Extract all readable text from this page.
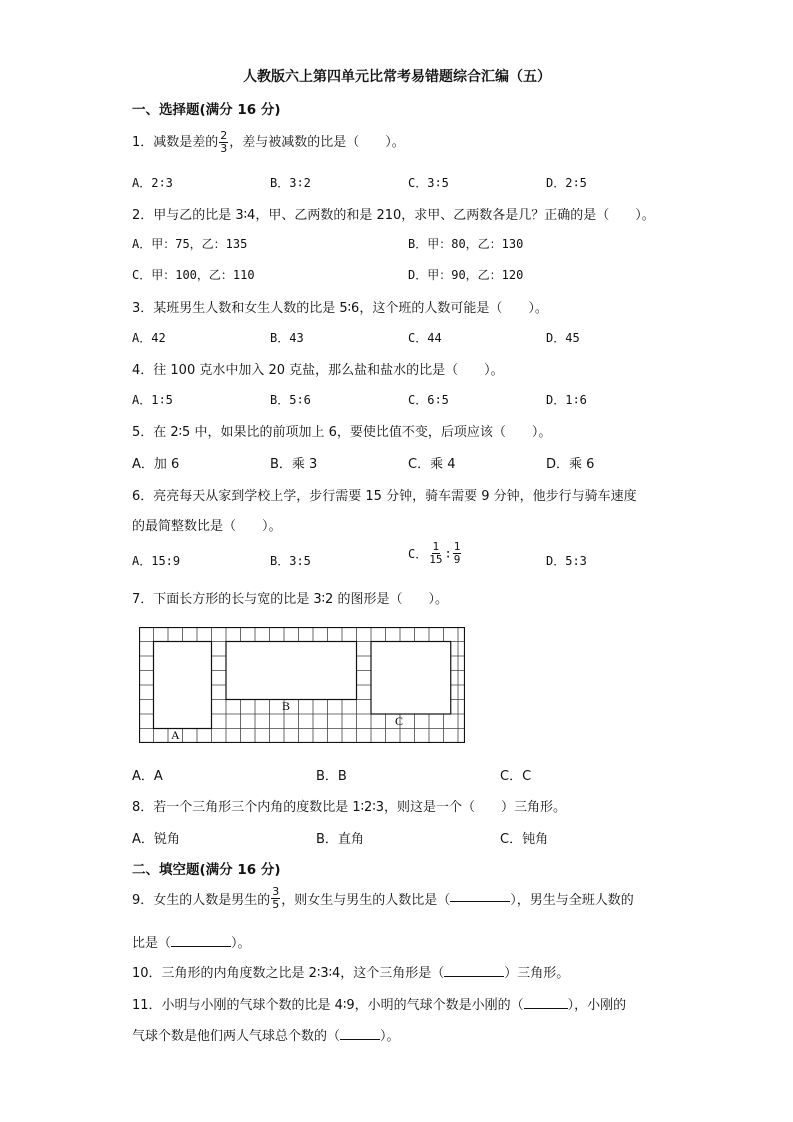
人教版六上第四单元比常考易错题综合汇编（五）
一、选择题(满分 16 分)
1．减数是差的 $\frac{2}{3}$ ，差与被减数的比是（　　）。
A．2∶3	B．3∶2	C．3∶5	D．2∶5
2．甲与乙的比是 3∶4，甲、乙两数的和是 210，求甲、乙两数各是几？正确的是（　　）。
A．甲：75，乙：135	B．甲：80，乙：130
C．甲：100，乙：110	D．甲：90，乙：120
3．某班男生人数和女生人数的比是 5∶6，这个班的人数可能是（　　）。
A．42	B．43	C．44	D．45
4．往 100 克水中加入 20 克盐，那么盐和盐水的比是（　　）。
A．1∶5	B．5∶6	C．6∶5	D．1∶6
5．在 2∶5 中，如果比的前项加上 6，要使比值不变，后项应该（　　）。
A．加 6	B．乘 3	C．乘 4	D．乘 6
6．亮亮每天从家到学校上学，步行需要 15 分钟，骑车需要 9 分钟，他步行与骑车速度
的最简整数比是（　　）。
A．15:9	B．3:5	C． $\frac{1}{15}$ : $\frac{1}{9}$	D．5:3
7．下面长方形的长与宽的比是 3∶2 的图形是（　　）。
A
B
C
A．A	B．B	C．C
8．若一个三角形三个内角的度数比是 1∶2∶3，则这是一个（　　）三角形。
A．锐角	B．直角	C．钝角
二、填空题(满分 16 分)
9．女生的人数是男生的 $\frac{3}{5}$ ，则女生与男生的人数比是（	），男生与全班人数的
比是（	）。
10．三角形的内角度数之比是 2∶3∶4，这个三角形是（	）三角形。
11．小明与小刚的气球个数的比是 4∶9，小明的气球个数是小刚的（	），小刚的
气球个数是他们两人气球总个数的（	）。
